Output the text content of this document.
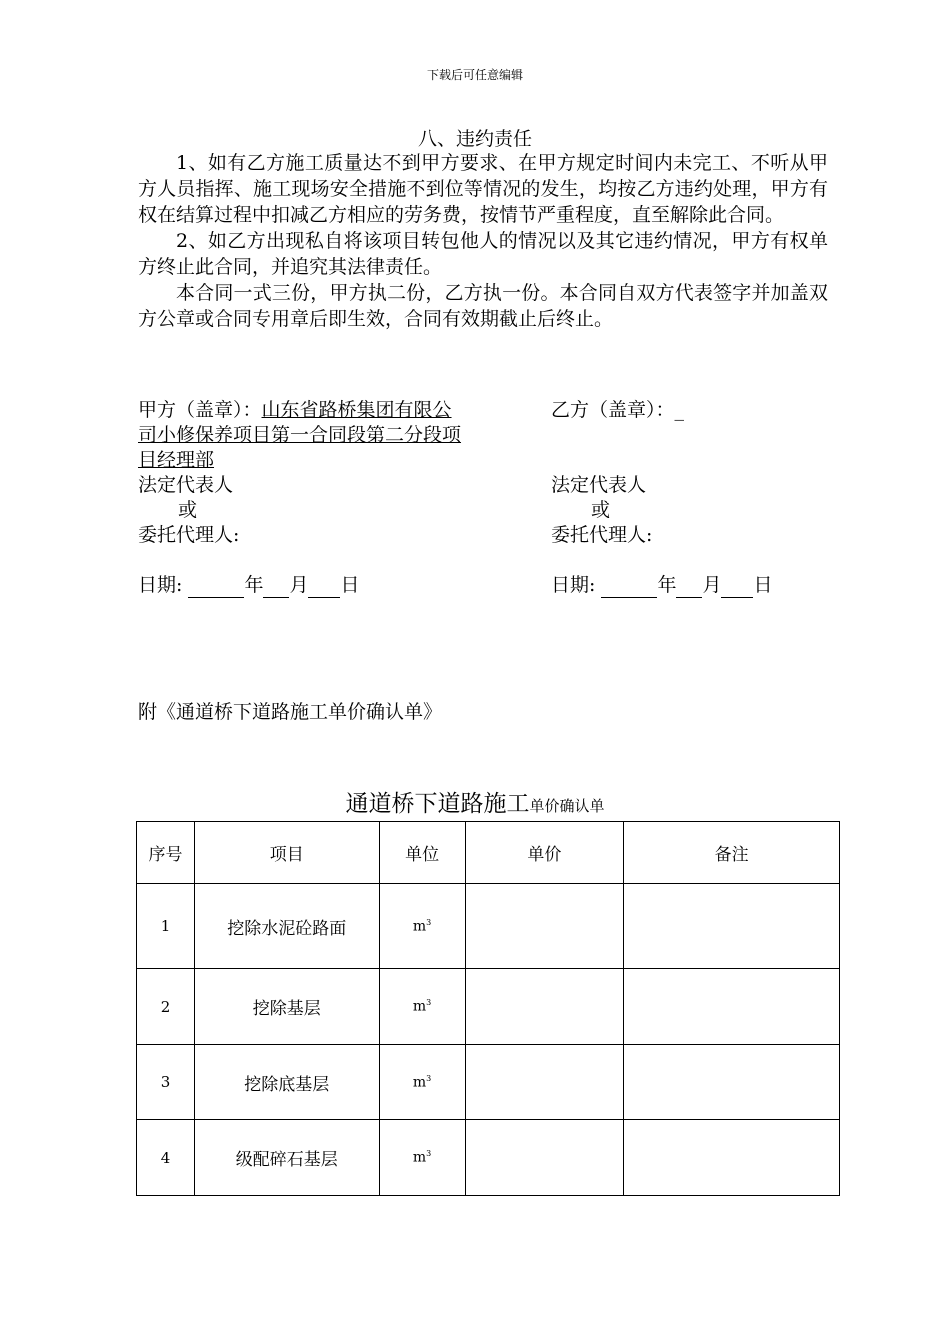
下载后可任意编辑
八、违约责任

1、如有乙方施工质量达不到甲方要求、在甲方规定时间内未完工、不听从甲方人员指挥、施工现场安全措施不到位等情况的发生，均按乙方违约处理，甲方有权在结算过程中扣减乙方相应的劳务费，按情节严重程度，直至解除此合同。

2、如乙方出现私自将该项目转包他人的情况以及其它违约情况，甲方有权单方终止此合同，并追究其法律责任。

本合同一式三份，甲方执二份，乙方执一份。本合同自双方代表签字并加盖双方公章或合同专用章后即生效，合同有效期截止后终止。

甲方（盖章）：山东省路桥集团有限公
司小修保养项目第一合同段第二分段项
目经理部
法定代表人
或
委托代理人:
日期:	年 月 日
乙方（盖章）：_
法定代表人
或
委托代理人:
日期:	年 月 日
附《通道桥下道路施工单价确认单》
通道桥下道路施工单价确认单
序号	项目	单位	单价	备注
1	挖除水泥砼路面	$m^3$		
2	挖除基层	$m^3$		
3	挖除底基层	$m^3$		
4	级配碎石基层	$m^3$		
